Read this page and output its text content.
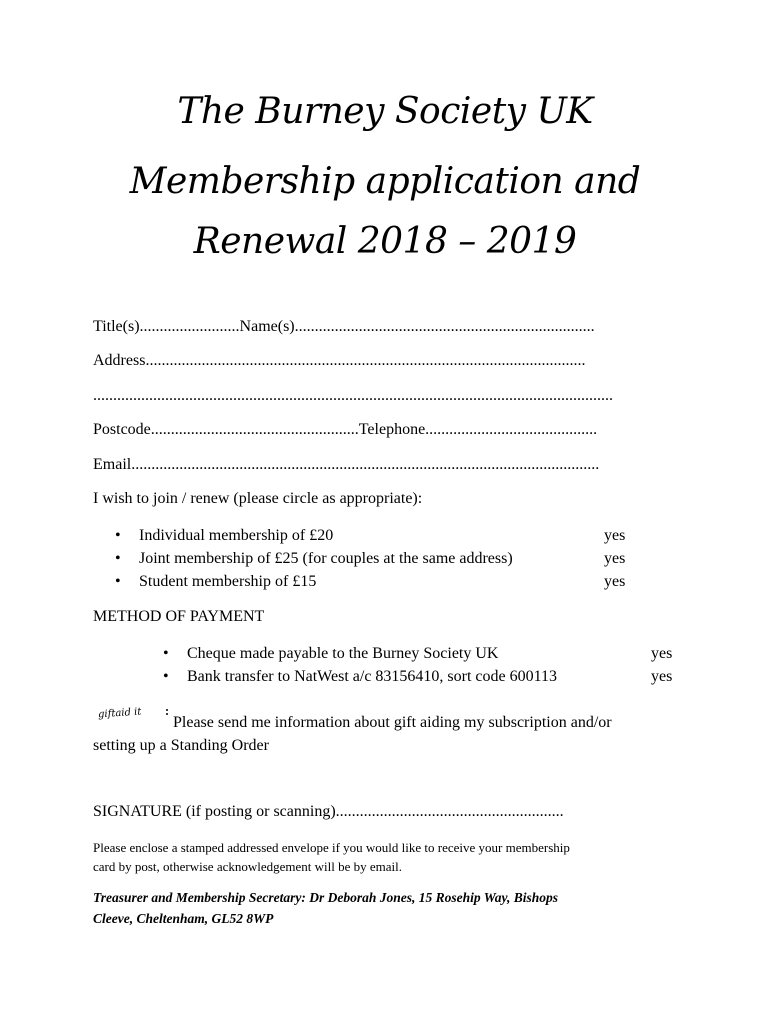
The Burney Society UK
Membership application and
Renewal 2018 – 2019
Title(s).........................Name(s)...........................................................................
Address..............................................................................................................
..................................................................................................................................
Postcode....................................................Telephone...........................................
Email.....................................................................................................................
I wish to join / renew (please circle as appropriate):
• Individual membership of £20	yes
• Joint membership of £25 (for couples at the same address)	yes
• Student membership of £15	yes
METHOD OF PAYMENT
• Cheque made payable to the Burney Society UK	yes
• Bank transfer to NatWest a/c 83156410, sort code 600113	yes
giftaid it
Please send me information about gift aiding my subscription and/or
setting up a Standing Order
SIGNATURE (if posting or scanning).........................................................
Please enclose a stamped addressed envelope if you would like to receive your membership
card by post, otherwise acknowledgement will be by email.
Treasurer and Membership Secretary: Dr Deborah Jones, 15 Rosehip Way, Bishops
Cleeve, Cheltenham, GL52 8WP
